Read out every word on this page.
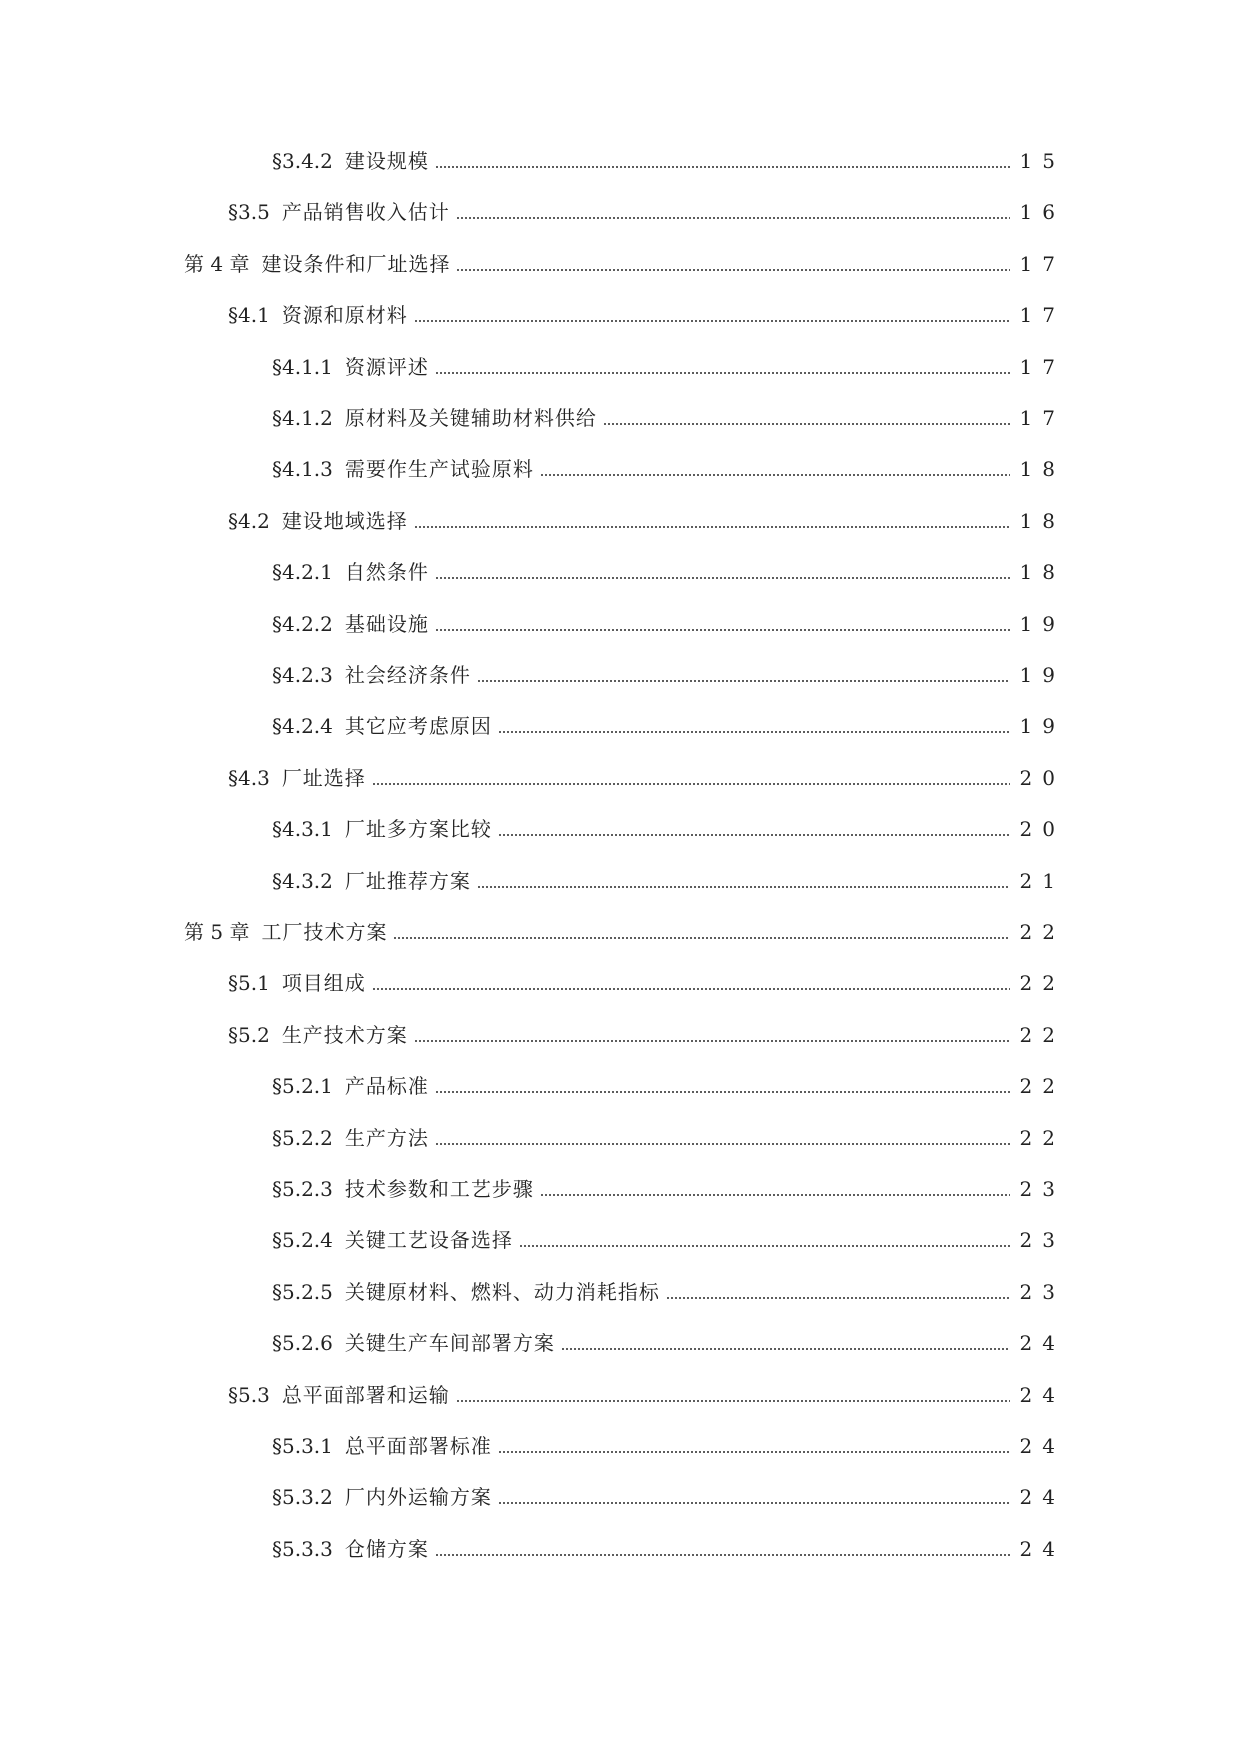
§3.4.2 建设规模	15
§3.5 产品销售收入估计	16
第 4 章 建设条件和厂址选择	17
§4.1 资源和原材料	17
§4.1.1 资源评述	17
§4.1.2 原材料及关键辅助材料供给	17
§4.1.3 需要作生产试验原料	18
§4.2 建设地域选择	18
§4.2.1 自然条件	18
§4.2.2 基础设施	19
§4.2.3 社会经济条件	19
§4.2.4 其它应考虑原因	19
§4.3 厂址选择	20
§4.3.1 厂址多方案比较	20
§4.3.2 厂址推荐方案	21
第 5 章 工厂技术方案	22
§5.1 项目组成	22
§5.2 生产技术方案	22
§5.2.1 产品标准	22
§5.2.2 生产方法	22
§5.2.3 技术参数和工艺步骤	23
§5.2.4 关键工艺设备选择	23
§5.2.5 关键原材料、燃料、动力消耗指标	23
§5.2.6 关键生产车间部署方案	24
§5.3 总平面部署和运输	24
§5.3.1 总平面部署标准	24
§5.3.2 厂内外运输方案	24
§5.3.3 仓储方案	24
